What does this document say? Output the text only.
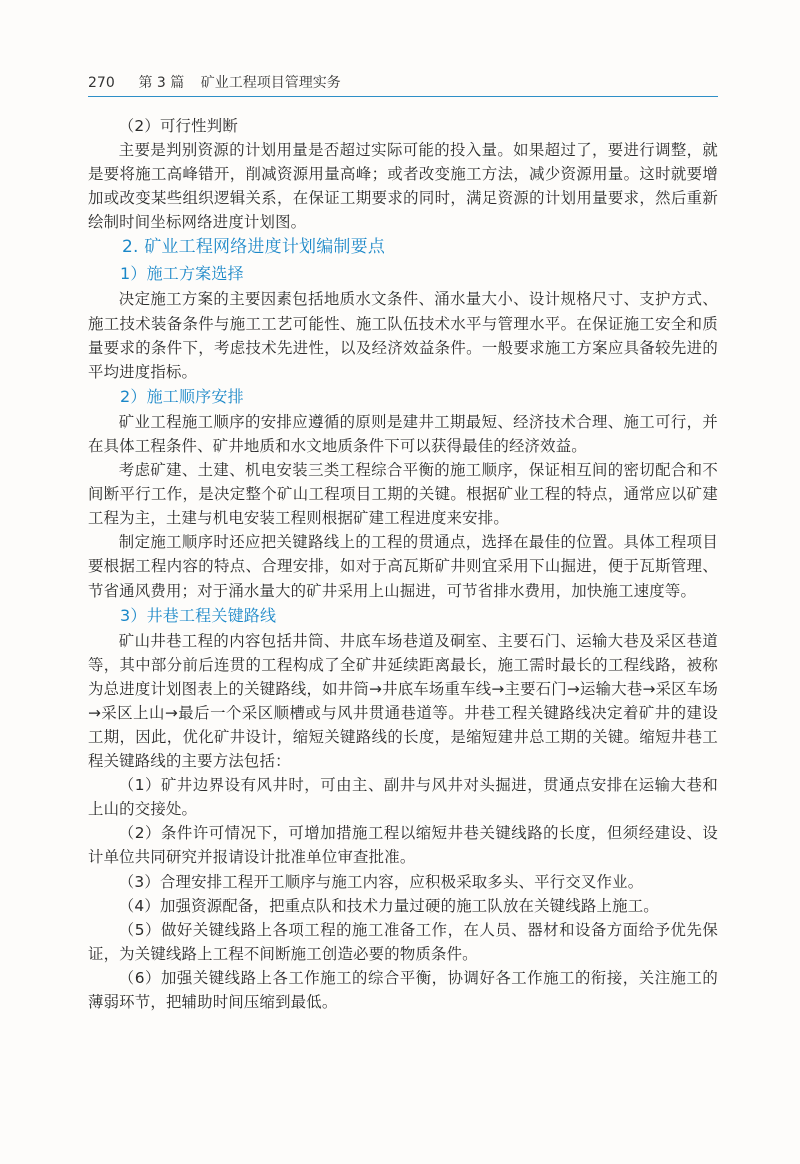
270 第 3 篇 矿业工程项目管理实务

（2）可行性判断

主要是判别资源的计划用量是否超过实际可能的投入量。如果超过了，要进行调整，就是要将施工高峰错开，削减资源用量高峰；或者改变施工方法，减少资源用量。这时就要增加或改变某些组织逻辑关系，在保证工期要求的同时，满足资源的计划用量要求，然后重新绘制时间坐标网络进度计划图。

2. 矿业工程网络进度计划编制要点
1）施工方案选择

决定施工方案的主要因素包括地质水文条件、涌水量大小、设计规格尺寸、支护方式、施工技术装备条件与施工工艺可能性、施工队伍技术水平与管理水平。在保证施工安全和质量要求的条件下，考虑技术先进性，以及经济效益条件。一般要求施工方案应具备较先进的平均进度指标。

2）施工顺序安排

矿业工程施工顺序的安排应遵循的原则是建井工期最短、经济技术合理、施工可行，并在具体工程条件、矿井地质和水文地质条件下可以获得最佳的经济效益。

考虑矿建、土建、机电安装三类工程综合平衡的施工顺序，保证相互间的密切配合和不间断平行工作，是决定整个矿山工程项目工期的关键。根据矿业工程的特点，通常应以矿建工程为主，土建与机电安装工程则根据矿建工程进度来安排。

制定施工顺序时还应把关键路线上的工程的贯通点，选择在最佳的位置。具体工程项目要根据工程内容的特点、合理安排，如对于高瓦斯矿井则宜采用下山掘进，便于瓦斯管理、节省通风费用；对于涌水量大的矿井采用上山掘进，可节省排水费用，加快施工速度等。

3）井巷工程关键路线

矿山井巷工程的内容包括井筒、井底车场巷道及硐室、主要石门、运输大巷及采区巷道等，其中部分前后连贯的工程构成了全矿井延续距离最长，施工需时最长的工程线路，被称为总进度计划图表上的关键路线，如井筒→井底车场重车线→主要石门→运输大巷→采区车场→采区上山→最后一个采区顺槽或与风井贯通巷道等。井巷工程关键路线决定着矿井的建设工期，因此，优化矿井设计，缩短关键路线的长度，是缩短建井总工期的关键。缩短井巷工程关键路线的主要方法包括：

（1）矿井边界设有风井时，可由主、副井与风井对头掘进，贯通点安排在运输大巷和上山的交接处。

（2）条件许可情况下，可增加措施工程以缩短井巷关键线路的长度，但须经建设、设计单位共同研究并报请设计批准单位审查批准。

（3）合理安排工程开工顺序与施工内容，应积极采取多头、平行交叉作业。

（4）加强资源配备，把重点队和技术力量过硬的施工队放在关键线路上施工。

（5）做好关键线路上各项工程的施工准备工作，在人员、器材和设备方面给予优先保证，为关键线路上工程不间断施工创造必要的物质条件。

（6）加强关键线路上各工作施工的综合平衡，协调好各工作施工的衔接，关注施工的薄弱环节，把辅助时间压缩到最低。
